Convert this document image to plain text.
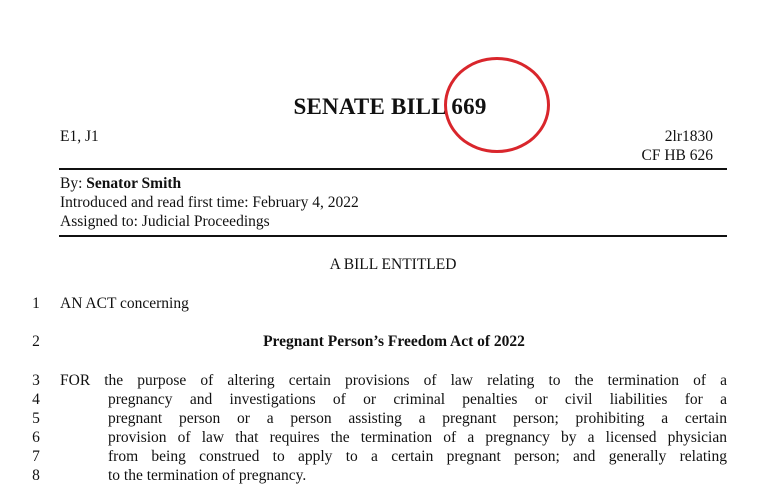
SENATE BILL 669
E1, J1	2lr1830
CF HB 626
By: Senator Smith
Introduced and read first time: February 4, 2022
Assigned to: Judicial Proceedings
A BILL ENTITLED
1 AN ACT concerning
2	Pregnant Person’s Freedom Act of 2022
3 FOR the purpose of altering certain provisions of law relating to the termination of a
4	pregnancy and investigations of or criminal penalties or civil liabilities for a
5	pregnant person or a person assisting a pregnant person; prohibiting a certain
6	provision of law that requires the termination of a pregnancy by a licensed physician
7	from being construed to apply to a certain pregnant person; and generally relating
8	to the termination of pregnancy.
